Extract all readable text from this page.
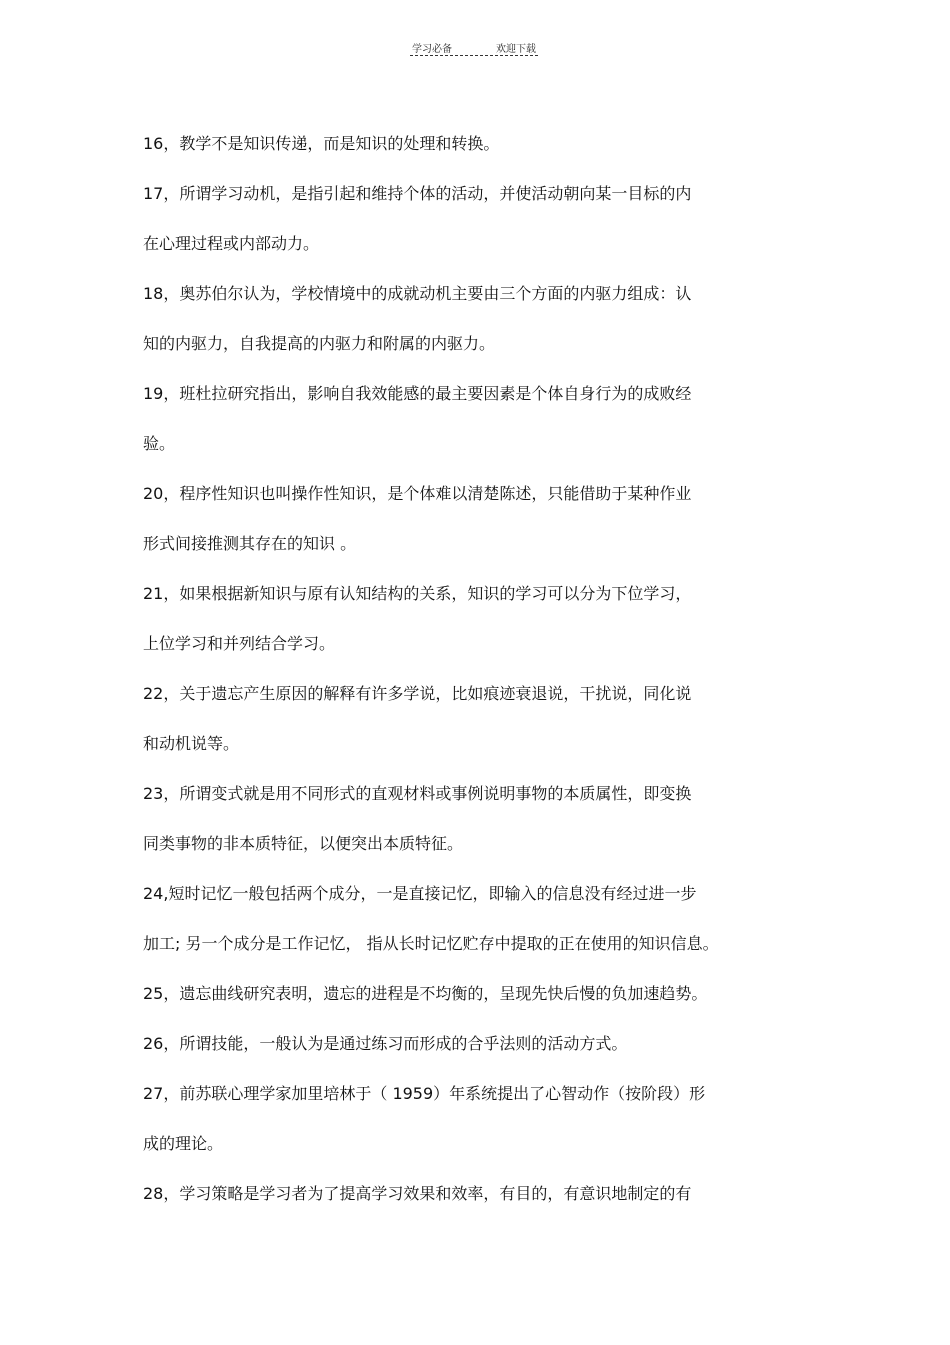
学习必备	欢迎下载
16，教学不是知识传递，而是知识的处理和转换。
17，所谓学习动机，是指引起和维持个体的活动，并使活动朝向某一目标的内
在心理过程或内部动力。
18，奥苏伯尔认为，学校情境中的成就动机主要由三个方面的内驱力组成：认
知的内驱力，自我提高的内驱力和附属的内驱力。
19，班杜拉研究指出，影响自我效能感的最主要因素是个体自身行为的成败经
验。
20，程序性知识也叫操作性知识，是个体难以清楚陈述，只能借助于某种作业
形式间接推测其存在的知识 。
21，如果根据新知识与原有认知结构的关系，知识的学习可以分为下位学习，
上位学习和并列结合学习。
22，关于遗忘产生原因的解释有许多学说，比如痕迹衰退说，干扰说，同化说
和动机说等。
23，所谓变式就是用不同形式的直观材料或事例说明事物的本质属性，即变换
同类事物的非本质特征，以便突出本质特征。
24,短时记忆一般包括两个成分，一是直接记忆，即输入的信息没有经过进一步
加工; 另一个成分是工作记忆， 指从长时记忆贮存中提取的正在使用的知识信息。
25，遗忘曲线研究表明，遗忘的进程是不均衡的，呈现先快后慢的负加速趋势。
26，所谓技能，一般认为是通过练习而形成的合乎法则的活动方式。
27，前苏联心理学家加里培林于（ 1959）年系统提出了心智动作（按阶段）形
成的理论。
28，学习策略是学习者为了提高学习效果和效率，有目的，有意识地制定的有
